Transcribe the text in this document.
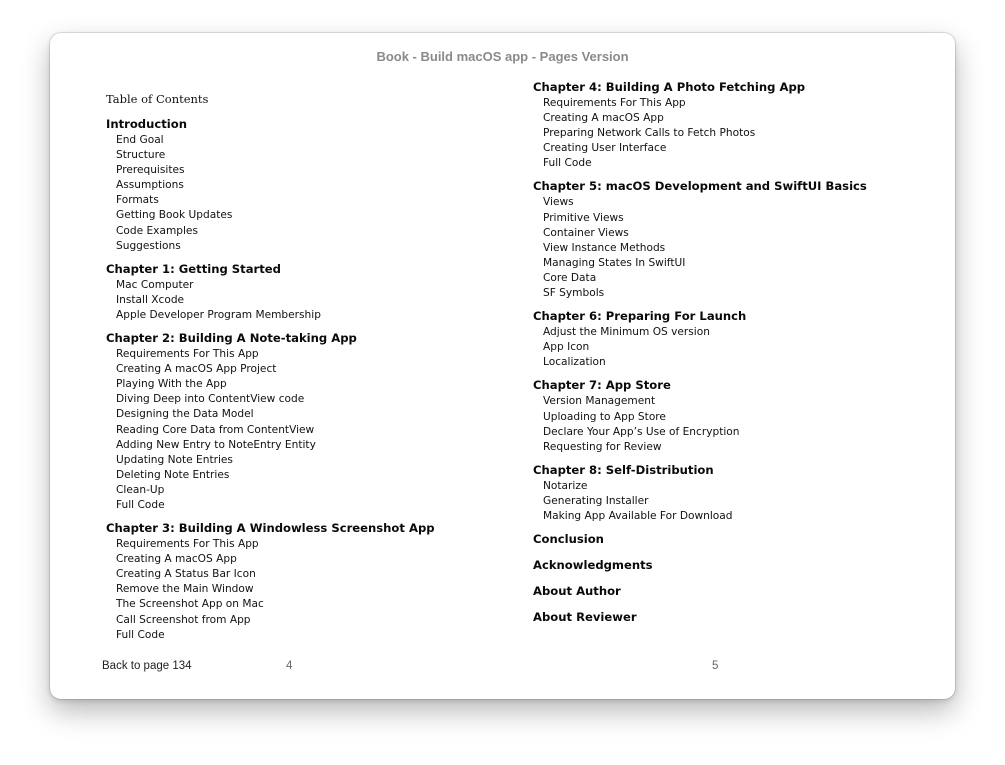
Book - Build macOS app - Pages Version
Table of Contents
Introduction
End Goal
Structure
Prerequisites
Assumptions
Formats
Getting Book Updates
Code Examples
Suggestions
Chapter 1: Getting Started
Mac Computer
Install Xcode
Apple Developer Program Membership
Chapter 2: Building A Note-taking App
Requirements For This App
Creating A macOS App Project
Playing With the App
Diving Deep into ContentView code
Designing the Data Model
Reading Core Data from ContentView
Adding New Entry to NoteEntry Entity
Updating Note Entries
Deleting Note Entries
Clean-Up
Full Code
Chapter 3: Building A Windowless Screenshot App
Requirements For This App
Creating A macOS App
Creating A Status Bar Icon
Remove the Main Window
The Screenshot App on Mac
Call Screenshot from App
Full Code
Chapter 4: Building A Photo Fetching App
Requirements For This App
Creating A macOS App
Preparing Network Calls to Fetch Photos
Creating User Interface
Full Code
Chapter 5: macOS Development and SwiftUI Basics
Views
Primitive Views
Container Views
View Instance Methods
Managing States In SwiftUI
Core Data
SF Symbols
Chapter 6: Preparing For Launch
Adjust the Minimum OS version
App Icon
Localization
Chapter 7: App Store
Version Management
Uploading to App Store
Declare Your App’s Use of Encryption
Requesting for Review
Chapter 8: Self-Distribution
Notarize
Generating Installer
Making App Available For Download
Conclusion
Acknowledgments
About Author
About Reviewer
Back to page 134	4	5
